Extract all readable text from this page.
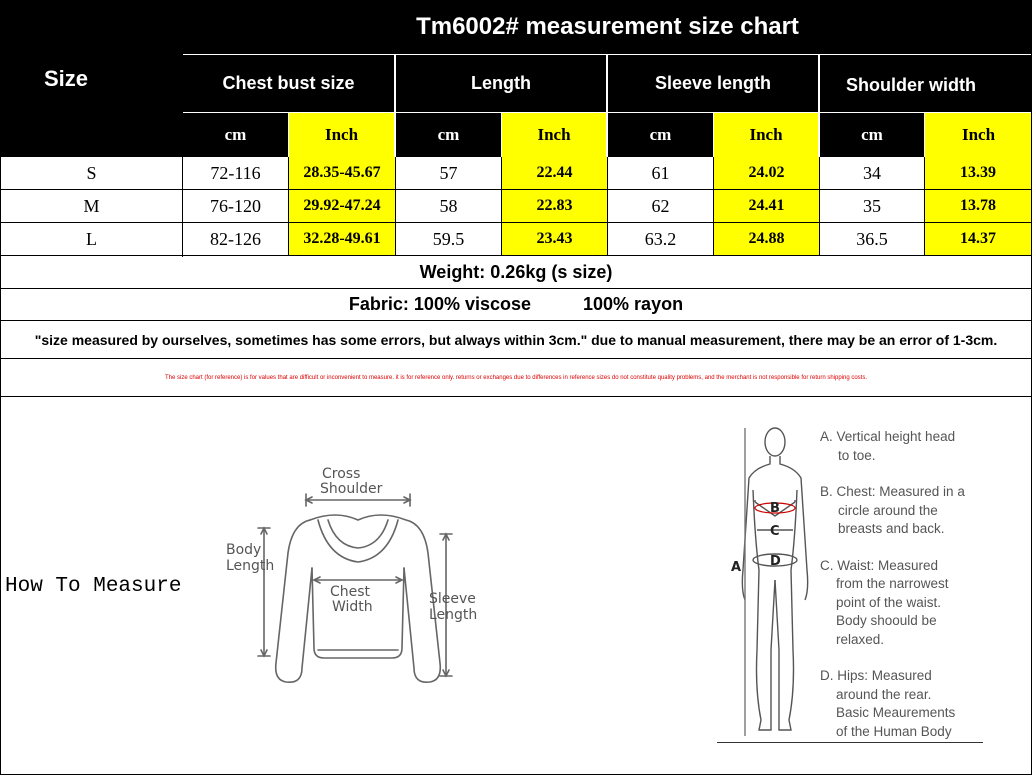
Size
Tm6002# measurement size chart
Chest bust size	Length	Sleeve length	Shoulder width
cm	Inch	cm	Inch	cm	Inch	cm	Inch
S	72-116	28.35-45.67	57	22.44	61	24.02	34	13.39
M	76-120	29.92-47.24	58	22.83	62	24.41	35	13.78
L	82-126	32.28-49.61	59.5	23.43	63.2	24.88	36.5	14.37
Weight: 0.26kg (s size)
Fabric: 100% viscose	100% rayon
"size measured by ourselves, sometimes has some errors, but always within 3cm." due to manual measurement, there may be an error of 1-3cm.
The size chart (for reference) is for values that are difficult or inconvenient to measure. it is for reference only. returns or exchanges due to differences in reference sizes do not constitute quality problems, and the merchant is not responsible for return shipping costs.
How To Measure
Cross
Shoulder
Body
Length
Chest
Width	Sleeve
Length
A
B
C
D

A. Vertical height head

to toe.

B. Chest: Measured in a

circle around the

breasts and back.

C. Waist: Measured

from the narrowest

point of the waist.

Body shoould be

relaxed.

D. Hips: Measured

around the rear.

Basic Meaurements

of the Human Body
